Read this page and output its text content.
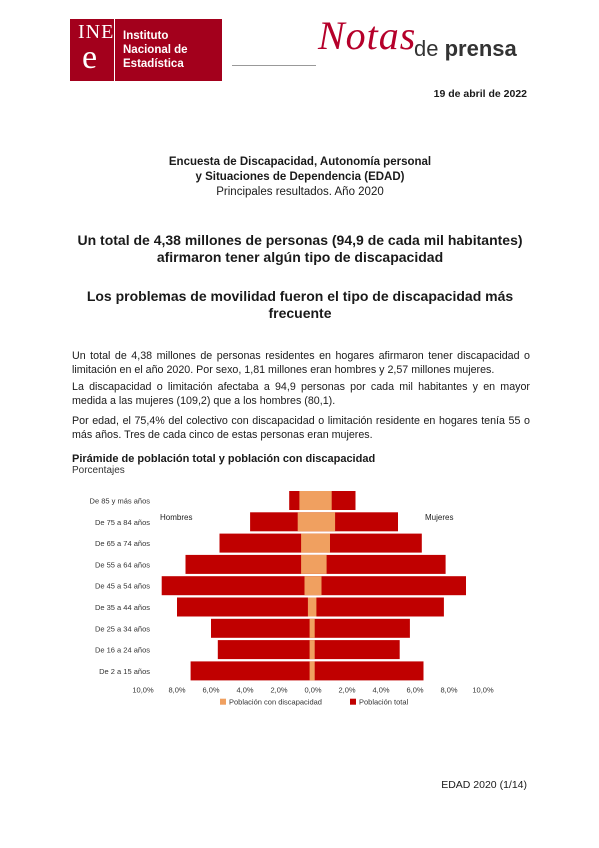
INE
e
Instituto
Nacional de
Estadística
Notas
de prensa
19 de abril de 2022
Encuesta de Discapacidad, Autonomía personal
y Situaciones de Dependencia (EDAD)
Principales resultados. Año 2020
Un total de 4,38 millones de personas (94,9 de cada mil habitantes) afirmaron tener algún tipo de discapacidad
Los problemas de movilidad fueron el tipo de discapacidad más frecuente
Un total de 4,38 millones de personas residentes en hogares afirmaron tener discapacidad o limitación en el año 2020. Por sexo, 1,81 millones eran hombres y 2,57 millones mujeres.
La discapacidad o limitación afectaba a 94,9 personas por cada mil habitantes y en mayor medida a las mujeres (109,2) que a los hombres (80,1).
Por edad, el 75,4% del colectivo con discapacidad o limitación residente en hogares tenía 55 o más años. Tres de cada cinco de estas personas eran mujeres.
Pirámide de población total y población con discapacidad
Porcentajes
De 85 y más años
De 75 a 84 años
De 65 a 74 años
De 55 a 64 años
De 45 a 54 años
De 35 a 44 años
De 25 a 34 años
De 16 a 24 años
De 2 a 15 años
Hombres	Mujeres
10,0% 8,0% 6,0% 4,0% 2,0% 0,0% 2,0% 4,0% 6,0% 8,0% 10,0%
Población con discapacidad	Población total
EDAD 2020 (1/14)
